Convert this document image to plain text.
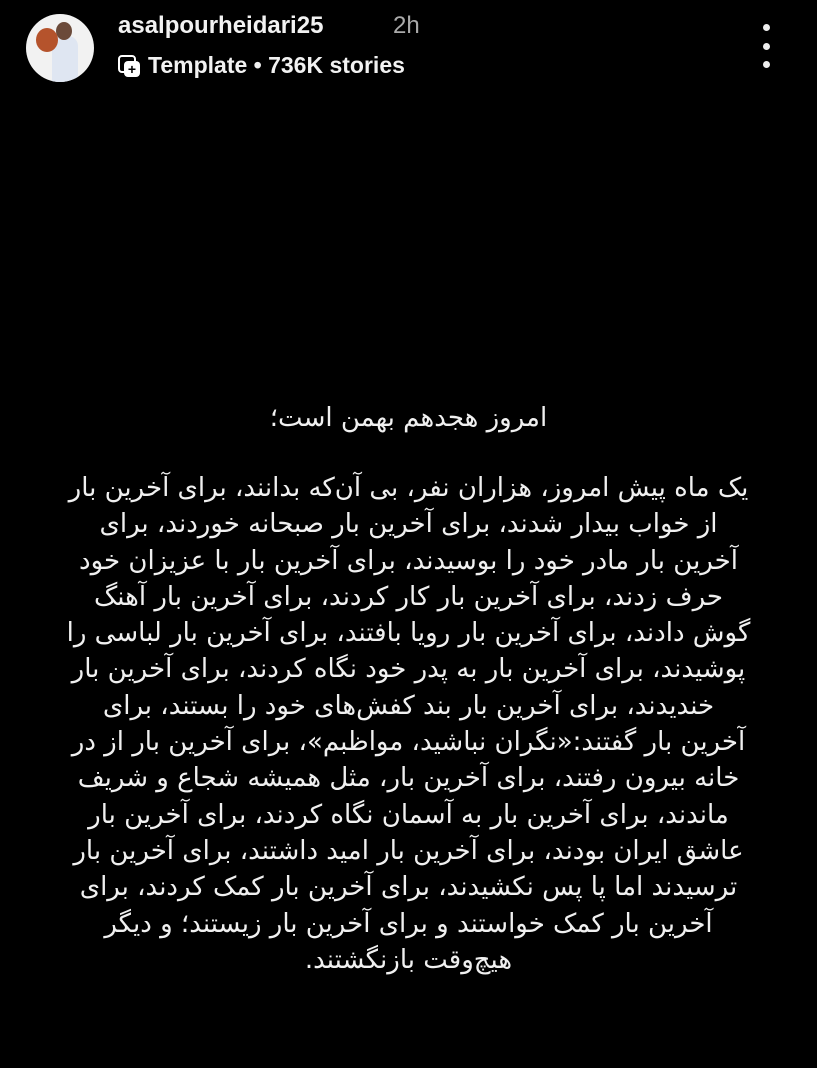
asalpourheidari25	2h
+ Template • 736K stories
امروز هجدهم بهمن است؛
یک ماه پیش امروز، هزاران نفر، بی آن‌که بدانند، برای آخرین بار
از خواب بیدار شدند، برای آخرین بار صبحانه خوردند، برای
آخرین بار مادر خود را بوسیدند، برای آخرین بار با عزیزان خود
حرف زدند، برای آخرین بار کار کردند، برای آخرین بار آهنگ
گوش دادند، برای آخرین بار رویا بافتند، برای آخرین بار لباسی را
پوشیدند، برای آخرین بار به پدر خود نگاه کردند، برای آخرین بار
خندیدند، برای آخرین بار بند کفش‌های خود را بستند، برای
آخرین بار گفتند:«نگران نباشید، مواظبم»، برای آخرین بار از در
خانه بیرون رفتند، برای آخرین بار، مثل همیشه شجاع و شریف
ماندند، برای آخرین بار به آسمان نگاه کردند، برای آخرین بار
عاشق ایران بودند، برای آخرین بار امید داشتند، برای آخرین بار
ترسیدند اما پا پس نکشیدند، برای آخرین بار کمک کردند، برای
آخرین بار کمک خواستند و برای آخرین بار زیستند؛ و دیگر
هیچ‌وقت بازنگشتند.
